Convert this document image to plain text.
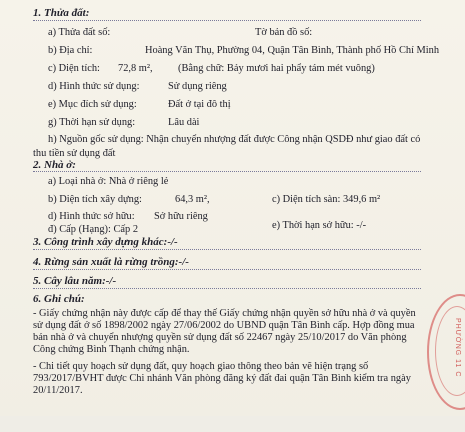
1. Thửa đất:
a) Thửa đất số:	Tờ bản đồ số:
b) Địa chỉ:	Hoàng Văn Thụ, Phường 04, Quận Tân Bình, Thành phố Hồ Chí Minh
c) Diện tích: 72,8 m², (Bằng chữ: Bảy mươi hai phẩy tám mét vuông)
d) Hình thức sử dụng:	Sử dụng riêng
e) Mục đích sử dụng:	Đất ở tại đô thị
g) Thời hạn sử dụng:	Lâu dài
h) Nguồn gốc sử dụng: Nhận chuyển nhượng đất được Công nhận QSDĐ như giao đất có
thu tiền sử dụng đất
2. Nhà ở:
a) Loại nhà ở: Nhà ở riêng lẻ
b) Diện tích xây dựng:	64,3 m²,	c) Diện tích sàn: 349,6 m²
d) Hình thức sở hữu: Sở hữu riêng
e) Thời hạn sở hữu: -/-
đ) Cấp (Hạng): Cấp 2
3. Công trình xây dựng khác:-/-
4. Rừng sản xuất là rừng trồng:-/-
5. Cây lâu năm:-/-
6. Ghi chú:
- Giấy chứng nhận này được cấp để thay thế Giấy chứng nhận quyền sở hữu nhà ở và quyền
sử dụng đất ở số 1898/2002 ngày 27/06/2002 do UBND quận Tân Bình cấp. Hợp đồng mua
bán nhà ở và chuyển nhượng quyền sử dụng đất số 22467 ngày 25/10/2017 do Văn phòng
Công chứng Bình Thạnh chứng nhận.
- Chi tiết quy hoạch sử dụng đất, quy hoạch giao thông theo bản vẽ hiện trạng số
793/2017/BVHT được Chi nhánh Văn phòng đăng ký đất đai quận Tân Bình kiểm tra ngày
20/11/2017.
PHƯỜNG 11 C
